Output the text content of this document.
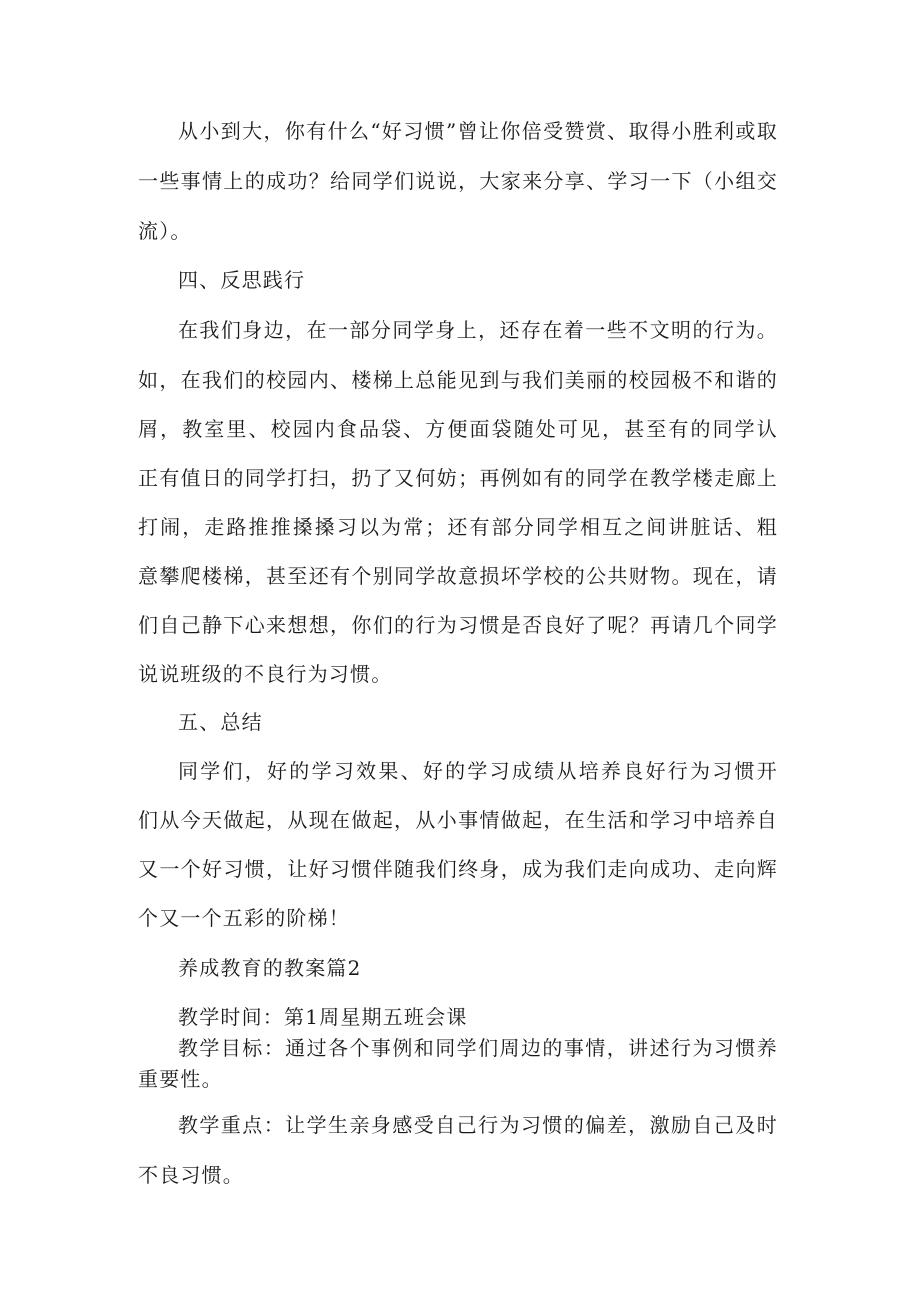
从小到大，你有什么“好习惯”曾让你倍受赞赏、取得小胜利或取
一些事情上的成功？给同学们说说，大家来分享、学习一下（小组交
流）。
四、反思践行
在我们身边，在一部分同学身上，还存在着一些不文明的行为。
如，在我们的校园内、楼梯上总能见到与我们美丽的校园极不和谐的
屑，教室里、校园内食品袋、方便面袋随处可见，甚至有的同学认
正有值日的同学打扫，扔了又何妨；再例如有的同学在教学楼走廊上
打闹，走路推推搡搡习以为常；还有部分同学相互之间讲脏话、粗
意攀爬楼梯，甚至还有个别同学故意损坏学校的公共财物。现在，请
们自己静下心来想想，你们的行为习惯是否良好了呢？再请几个同学
说说班级的不良行为习惯。
五、总结
同学们，好的学习效果、好的学习成绩从培养良好行为习惯开
们从今天做起，从现在做起，从小事情做起，在生活和学习中培养自
又一个好习惯，让好习惯伴随我们终身，成为我们走向成功、走向辉
个又一个五彩的阶梯！
养成教育的教案篇2
教学时间：第1周星期五班会课
教学目标：通过各个事例和同学们周边的事情，讲述行为习惯养
重要性。
教学重点：让学生亲身感受自己行为习惯的偏差，激励自己及时
不良习惯。
